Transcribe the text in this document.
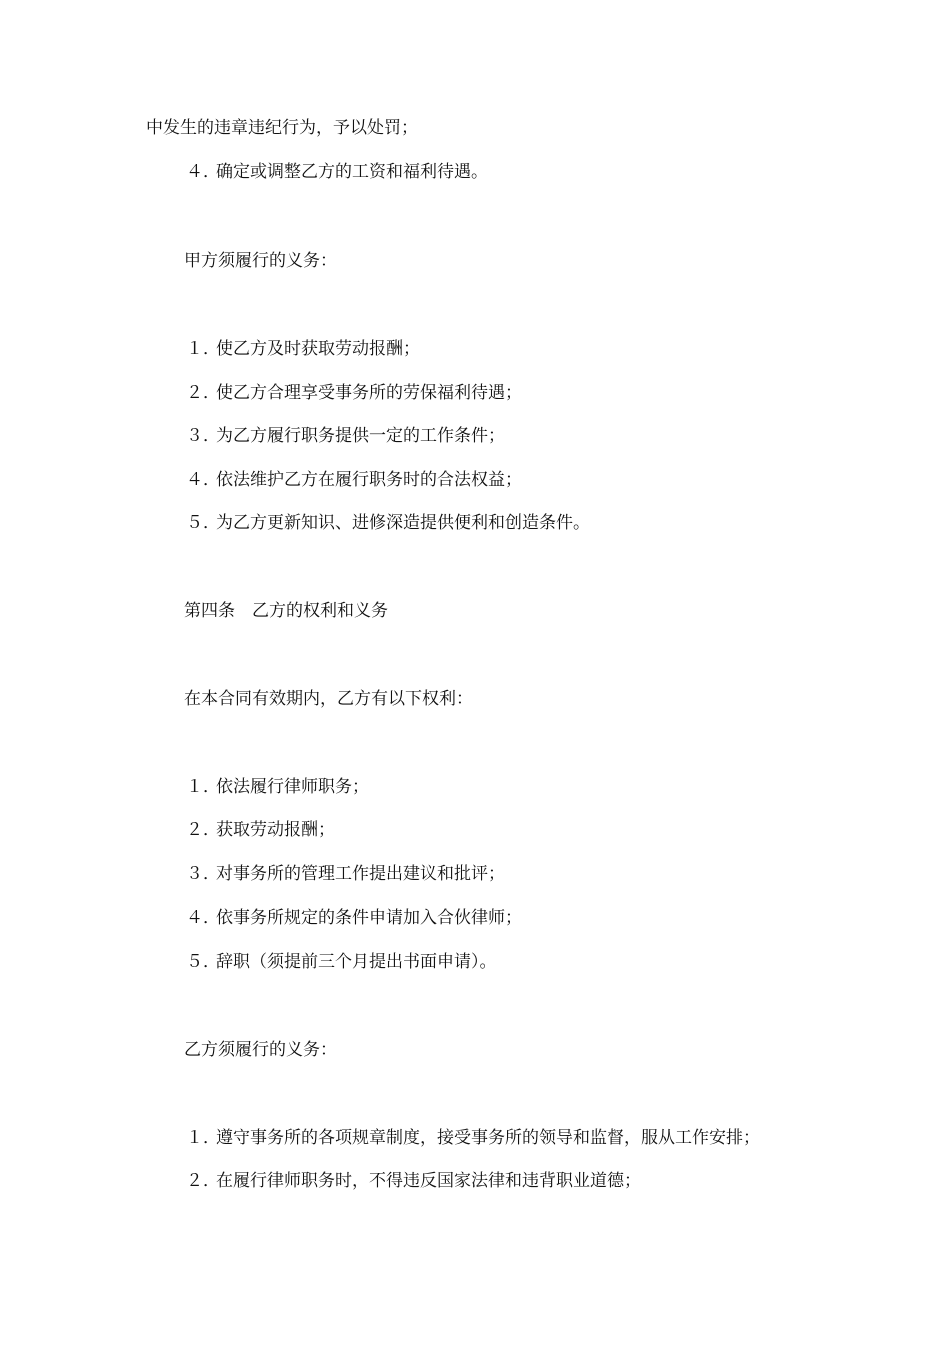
中发生的违章违纪行为，予以处罚；
４．确定或调整乙方的工资和福利待遇。
甲方须履行的义务：
１．使乙方及时获取劳动报酬；
２．使乙方合理享受事务所的劳保福利待遇；
３．为乙方履行职务提供一定的工作条件；
４．依法维护乙方在履行职务时的合法权益；
５．为乙方更新知识、进修深造提供便利和创造条件。
第四条　乙方的权利和义务
在本合同有效期内，乙方有以下权利：
１．依法履行律师职务；
２．获取劳动报酬；
３．对事务所的管理工作提出建议和批评；
４．依事务所规定的条件申请加入合伙律师；
５．辞职（须提前三个月提出书面申请）。
乙方须履行的义务：
１．遵守事务所的各项规章制度，接受事务所的领导和监督，服从工作安排；
２．在履行律师职务时，不得违反国家法律和违背职业道德；
